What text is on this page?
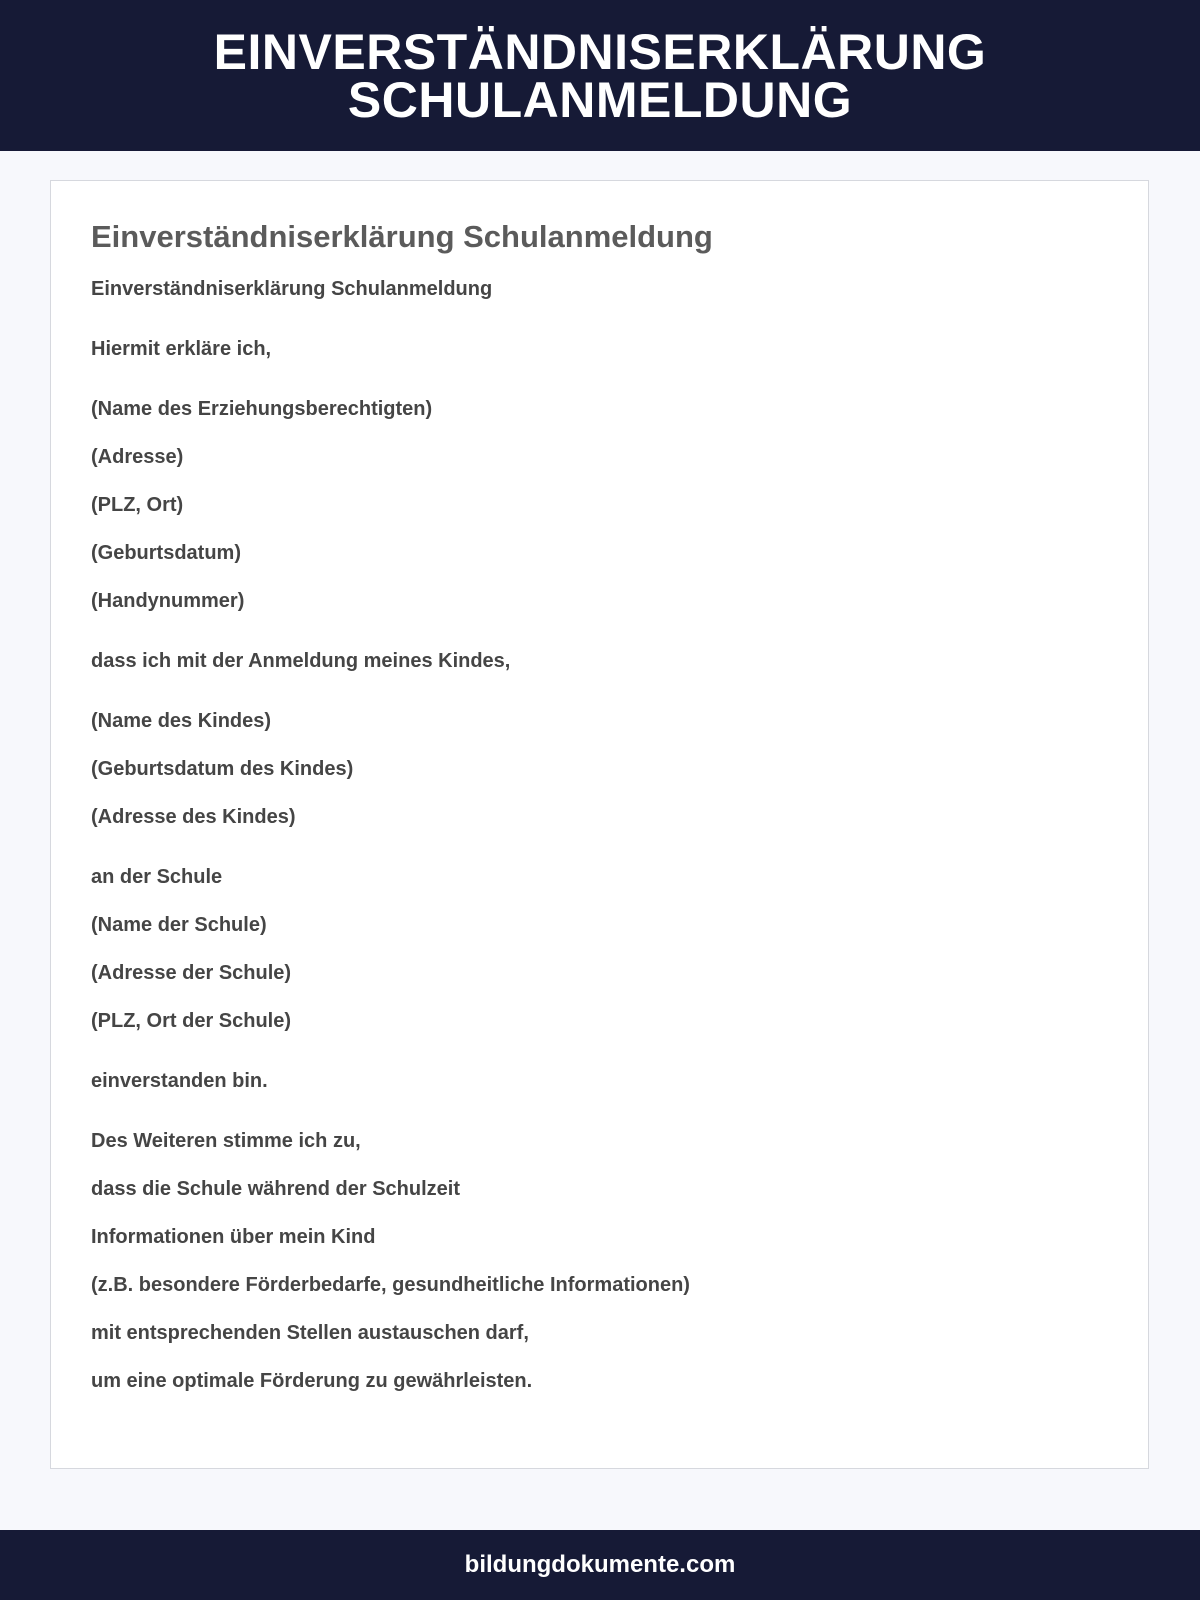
EINVERSTÄNDNISERKLÄRUNG
SCHULANMELDUNG
Einverständniserklärung Schulanmeldung

Einverständniserklärung Schulanmeldung

Hiermit erkläre ich,

(Name des Erziehungsberechtigten)

(Adresse)

(PLZ, Ort)

(Geburtsdatum)

(Handynummer)

dass ich mit der Anmeldung meines Kindes,

(Name des Kindes)

(Geburtsdatum des Kindes)

(Adresse des Kindes)

an der Schule

(Name der Schule)

(Adresse der Schule)

(PLZ, Ort der Schule)

einverstanden bin.

Des Weiteren stimme ich zu,

dass die Schule während der Schulzeit

Informationen über mein Kind

(z.B. besondere Förderbedarfe, gesundheitliche Informationen)

mit entsprechenden Stellen austauschen darf,

um eine optimale Förderung zu gewährleisten.

bildungdokumente.com
